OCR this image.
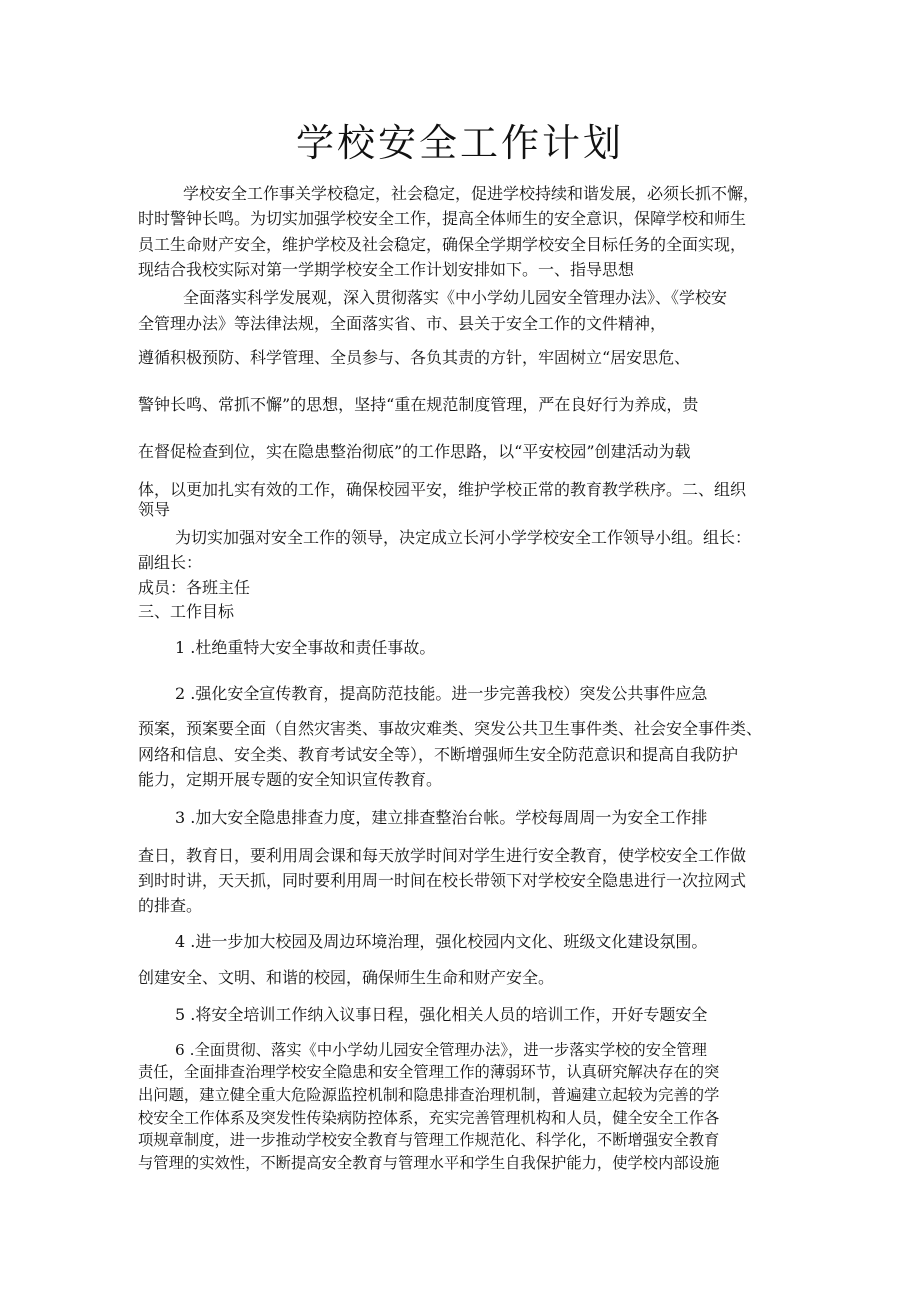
学校安全工作计划

学校安全工作事关学校稳定，社会稳定，促进学校持续和谐发展，必须长抓不懈，

时时警钟长鸣。为切实加强学校安全工作，提高全体师生的安全意识，保障学校和师生

员工生命财产安全，维护学校及社会稳定，确保全学期学校安全目标任务的全面实现，

现结合我校实际对第一学期学校安全工作计划安排如下。一、指导思想

全面落实科学发展观，深入贯彻落实《中小学幼儿园安全管理办法》、《学校安

全管理办法》等法律法规，全面落实省、市、县关于安全工作的文件精神，

遵循积极预防、科学管理、全员参与、各负其责的方针，牢固树立“居安思危、

警钟长鸣、常抓不懈”的思想，坚持“重在规范制度管理，严在良好行为养成，贵

在督促检查到位，实在隐患整治彻底”的工作思路，以“平安校园”创建活动为载

体，以更加扎实有效的工作，确保校园平安，维护学校正常的教育教学秩序。二、组织

领导

为切实加强对安全工作的领导，决定成立长河小学学校安全工作领导小组。组长：

副组长：

成员：各班主任

三、工作目标

1 .杜绝重特大安全事故和责任事故。

2 .强化安全宣传教育，提高防范技能。进一步完善我校）突发公共事件应急

预案，预案要全面（自然灾害类、事故灾难类、突发公共卫生事件类、社会安全事件类、

网络和信息、安全类、教育考试安全等），不断增强师生安全防范意识和提高自我防护

能力，定期开展专题的安全知识宣传教育。

3 .加大安全隐患排查力度，建立排查整治台帐。学校每周周一为安全工作排

查日，教育日，要利用周会课和每天放学时间对学生进行安全教育，使学校安全工作做

到时时讲，天天抓，同时要利用周一时间在校长带领下对学校安全隐患进行一次拉网式

的排查。

4 .进一步加大校园及周边环境治理，强化校园内文化、班级文化建设氛围。

创建安全、文明、和谐的校园，确保师生生命和财产安全。

5 .将安全培训工作纳入议事日程，强化相关人员的培训工作，开好专题安全

6 .全面贯彻、落实《中小学幼儿园安全管理办法》，进一步落实学校的安全管理

责任，全面排查治理学校安全隐患和安全管理工作的薄弱环节，认真研究解决存在的突

出问题，建立健全重大危险源监控机制和隐患排查治理机制，普遍建立起较为完善的学

校安全工作体系及突发性传染病防控体系，充实完善管理机构和人员，健全安全工作各

项规章制度，进一步推动学校安全教育与管理工作规范化、科学化，不断增强安全教育

与管理的实效性，不断提高安全教育与管理水平和学生自我保护能力，使学校内部设施
